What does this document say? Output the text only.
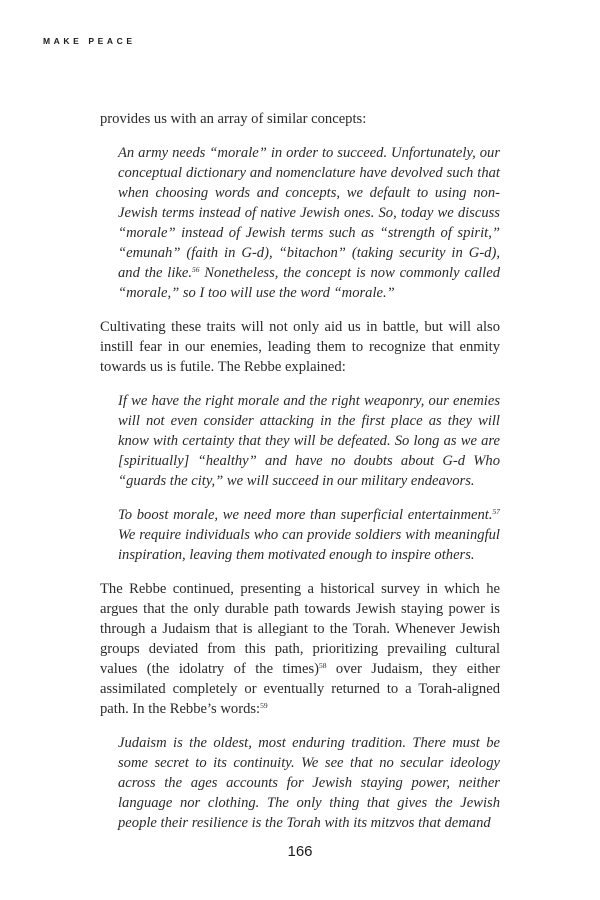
MAKE PEACE

provides us with an array of similar concepts:

An army needs “morale” in order to succeed. Unfortunately, our conceptual dictionary and nomenclature have devolved such that when choosing words and concepts, we default to using non-Jewish terms instead of native Jewish ones. So, today we discuss “morale” instead of Jewish terms such as “strength of spirit,” “emunah” (faith in G-d), “bitachon” (taking security in G-d), and the like.$^{56}$ Nonetheless, the concept is now commonly called “morale,” so I too will use the word “morale.”

Cultivating these traits will not only aid us in battle, but will also instill fear in our enemies, leading them to recognize that enmity towards us is futile. The Rebbe explained:

If we have the right morale and the right weaponry, our enemies will not even consider attacking in the first place as they will know with certainty that they will be defeated. So long as we are [spiritually] “healthy” and have no doubts about G-d Who “guards the city,” we will succeed in our military endeavors.

To boost morale, we need more than superficial entertainment.$^{57}$ We require individuals who can provide soldiers with meaningful inspiration, leaving them motivated enough to inspire others.

The Rebbe continued, presenting a historical survey in which he argues that the only durable path towards Jewish staying power is through a Judaism that is allegiant to the Torah. Whenever Jewish groups deviated from this path, prioritizing prevailing cultural values (the idolatry of the times)$^{58}$ over Judaism, they either assimilated completely or eventually returned to a Torah-aligned path. In the Rebbe’s words:$^{59}$

Judaism is the oldest, most enduring tradition. There must be some secret to its continuity. We see that no secular ideology across the ages accounts for Jewish staying power, neither language nor clothing. The only thing that gives the Jewish people their resilience is the Torah with its mitzvos that demand

166
